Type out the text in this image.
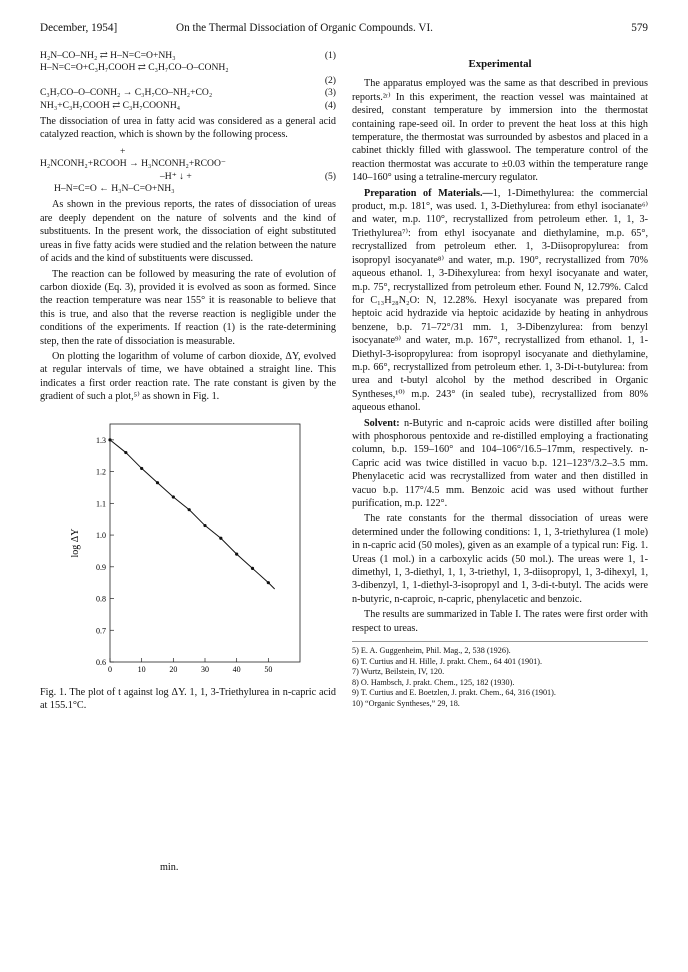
December, 1954]	On the Thermal Dissociation of Organic Compounds. VI.	579
H₂N–CO–NH₂ ⇄ H–N=C=O+NH₃	(1)
H–N=C=O+C₃H₇COOH ⇄ C₃H₇CO–O–CONH₂
(2)
C₃H₇CO–O–CONH₂ → C₃H₇CO–NH₂+CO₂	(3)
NH₃+C₃H₇COOH ⇄ C₃H₇COONH₄	(4)

The dissociation of urea in fatty acid was considered as a general acid catalyzed reaction, which is shown by the following process.

+
H₂NCONH₂+RCOOH → H₃NCONH₂+RCOO⁻
–H⁺ ↓ +	(5)
H–N=C=O ← H₃N–C=O+NH₃

As shown in the previous reports, the rates of dissociation of ureas are deeply dependent on the nature of solvents and the kind of substituents. In the present work, the dissociation of eight substituted ureas in five fatty acids were studied and the relation between the nature of acids and the kind of substituents were discussed.

The reaction can be followed by measuring the rate of evolution of carbon dioxide (Eq. 3), provided it is evolved as soon as formed. Since the reaction temperature was near 155° it is reasonable to believe that this is true, and also that the reverse reaction is negligible under the conditions of the experiments. If reaction (1) is the rate-determining step, then the rate of dissociation is measurable.

On plotting the logarithm of volume of carbon dioxide, ΔY, evolved at regular intervals of time, we have obtained a straight line. This indicates a first order reaction rate. The rate constant is given by the gradient of such a plot,⁵⁾ as shown in Fig. 1.

0	10	20	30	40	50
0.6
0.7
0.8
0.9
1.0
1.1
1.2
1.3
log ΔY
Fig. 1. The plot of t against log ΔY. 1, 1, 3-Triethylurea in n-capric acid at 155.1°C.
Experimental

The apparatus employed was the same as that described in previous reports.²ʳ⁾ In this experiment, the reaction vessel was maintained at desired, constant temperature by immersion into the thermostat containing rape-seed oil. In order to prevent the heat loss at this high temperature, the thermostat was surrounded by asbestos and placed in a cabinet thickly filled with glasswool. The temperature control of the reaction thermostat was accurate to ±0.03 within the temperature range 140–160° using a tetraline-mercury regulator.

Preparation of Materials.—1, 1-Dimethylurea: the commercial product, m.p. 181°, was used. 1, 3-Diethylurea: from ethyl isocianate⁶⁾ and water, m.p. 110°, recrystallized from petroleum ether. 1, 1, 3-Triethylurea⁷⁾: from ethyl isocyanate and diethylamine, m.p. 65°, recrystallized from petroleum ether. 1, 3-Diisopropylurea: from isopropyl isocyanate⁸⁾ and water, m.p. 190°, recrystallized from 70% aqueous ethanol. 1, 3-Dihexylurea: from hexyl isocyanate and water, m.p. 75°, recrystallized from petroleum ether. Found N, 12.79%. Calcd for C₁₃H₂₈N₂O: N, 12.28%. Hexyl isocyanate was prepared from heptoic acid hydrazide via heptoic acidazide by heating in anhydrous benzene, b.p. 71–72°/31 mm. 1, 3-Dibenzylurea: from benzyl isocyanate⁹⁾ and water, m.p. 167°, recrystallized from ethanol. 1, 1-Diethyl-3-isopropylurea: from isopropyl isocyanate and diethylamine, m.p. 66°, recrystallized from petroleum ether. 1, 3-Di-t-butylurea: from urea and t-butyl alcohol by the method described in Organic Syntheses,¹⁰⁾ m.p. 243° (in sealed tube), recrystallized from 80% aqueous ethanol.

Solvent: n-Butyric and n-caproic acids were distilled after boiling with phosphorous pentoxide and re-distilled employing a fractionating column, b.p. 159–160° and 104–106°/16.5–17mm, respectively. n-Capric acid was twice distilled in vacuo b.p. 121–123°/3.2–3.5 mm. Phenylacetic acid was recrystallized from water and then distilled in vacuo b.p. 117°/4.5 mm. Benzoic acid was used without further purification, m.p. 122°.

The rate constants for the thermal dissociation of ureas were determined under the following conditions: 1, 1, 3-triethylurea (1 mole) in n-capric acid (50 moles), given as an example of a typical run: Fig. 1. Ureas (1 mol.) in a carboxylic acids (50 mol.). The ureas were 1, 1-dimethyl, 1, 3-diethyl, 1, 1, 3-triethyl, 1, 3-diisopropyl, 1, 3-dihexyl, 1, 3-dibenzyl, 1, 1-diethyl-3-isopropyl and 1, 3-di-t-butyl. The acids were n-butyric, n-caproic, n-capric, phenylacetic and benzoic.

The results are summarized in Table I. The rates were first order with respect to ureas.

5) E. A. Guggenheim, Phil. Mag., 2, 538 (1926).
6) T. Curtius and H. Hille, J. prakt. Chem., 64 401 (1901).
7) Wurtz, Beilstein, IV, 120.
8) O. Hambsch, J. prakt. Chem., 125, 182 (1930).
9) T. Curtius and E. Boetzlen, J. prakt. Chem., 64, 316 (1901).
10) “Organic Syntheses,” 29, 18.
min.
